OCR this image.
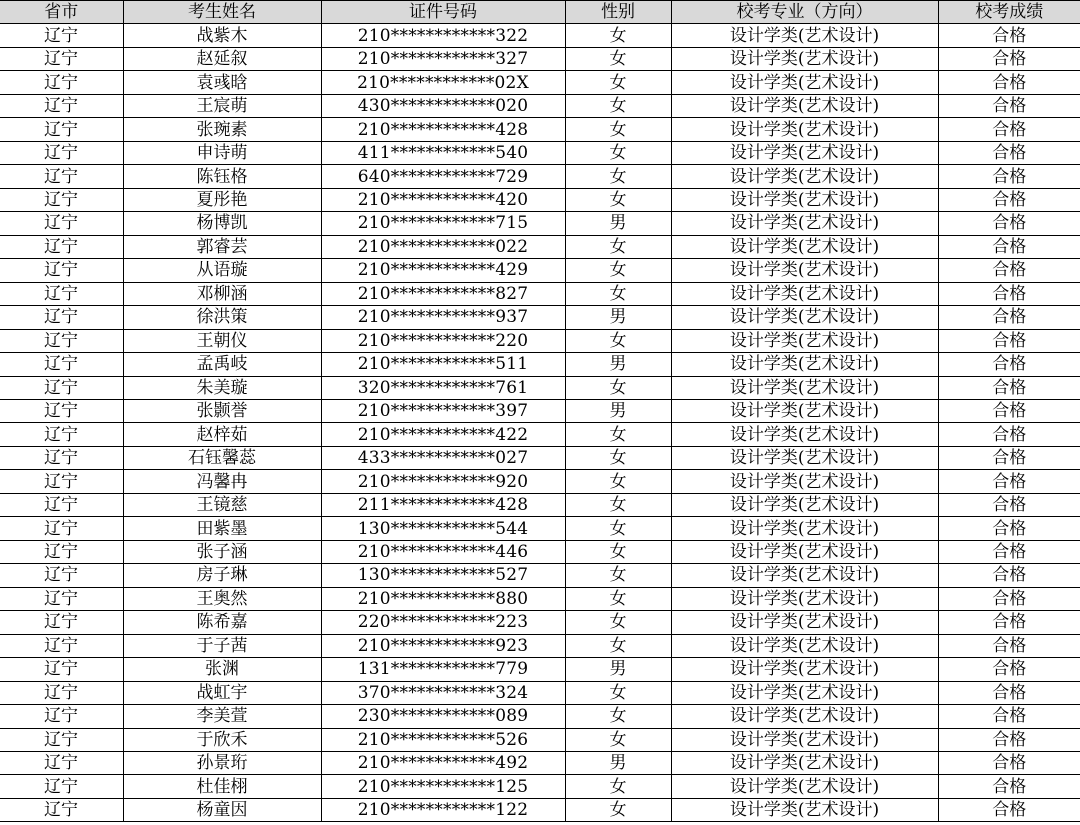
省市	考生姓名	证件号码	性别	校考专业（方向）	校考成绩
辽宁	战紫木	210************322	女	设计学类(艺术设计)	合格
辽宁	赵延叙	210************327	女	设计学类(艺术设计)	合格
辽宁	袁彧晗	210************02X	女	设计学类(艺术设计)	合格
辽宁	王宸萌	430************020	女	设计学类(艺术设计)	合格
辽宁	张琬素	210************428	女	设计学类(艺术设计)	合格
辽宁	申诗萌	411************540	女	设计学类(艺术设计)	合格
辽宁	陈钰格	640************729	女	设计学类(艺术设计)	合格
辽宁	夏彤艳	210************420	女	设计学类(艺术设计)	合格
辽宁	杨博凯	210************715	男	设计学类(艺术设计)	合格
辽宁	郭睿芸	210************022	女	设计学类(艺术设计)	合格
辽宁	从语璇	210************429	女	设计学类(艺术设计)	合格
辽宁	邓柳涵	210************827	女	设计学类(艺术设计)	合格
辽宁	徐洪策	210************937	男	设计学类(艺术设计)	合格
辽宁	王朝仪	210************220	女	设计学类(艺术设计)	合格
辽宁	孟禹岐	210************511	男	设计学类(艺术设计)	合格
辽宁	朱美璇	320************761	女	设计学类(艺术设计)	合格
辽宁	张颢誉	210************397	男	设计学类(艺术设计)	合格
辽宁	赵梓茹	210************422	女	设计学类(艺术设计)	合格
辽宁	石钰馨蕊	433************027	女	设计学类(艺术设计)	合格
辽宁	冯馨冉	210************920	女	设计学类(艺术设计)	合格
辽宁	王镜慈	211************428	女	设计学类(艺术设计)	合格
辽宁	田紫墨	130************544	女	设计学类(艺术设计)	合格
辽宁	张子涵	210************446	女	设计学类(艺术设计)	合格
辽宁	房子琳	130************527	女	设计学类(艺术设计)	合格
辽宁	王奥然	210************880	女	设计学类(艺术设计)	合格
辽宁	陈希嘉	220************223	女	设计学类(艺术设计)	合格
辽宁	于子茜	210************923	女	设计学类(艺术设计)	合格
辽宁	张渊	131************779	男	设计学类(艺术设计)	合格
辽宁	战虹宇	370************324	女	设计学类(艺术设计)	合格
辽宁	李美萱	230************089	女	设计学类(艺术设计)	合格
辽宁	于欣禾	210************526	女	设计学类(艺术设计)	合格
辽宁	孙景珩	210************492	男	设计学类(艺术设计)	合格
辽宁	杜佳栩	210************125	女	设计学类(艺术设计)	合格
辽宁	杨童因	210************122	女	设计学类(艺术设计)	合格
